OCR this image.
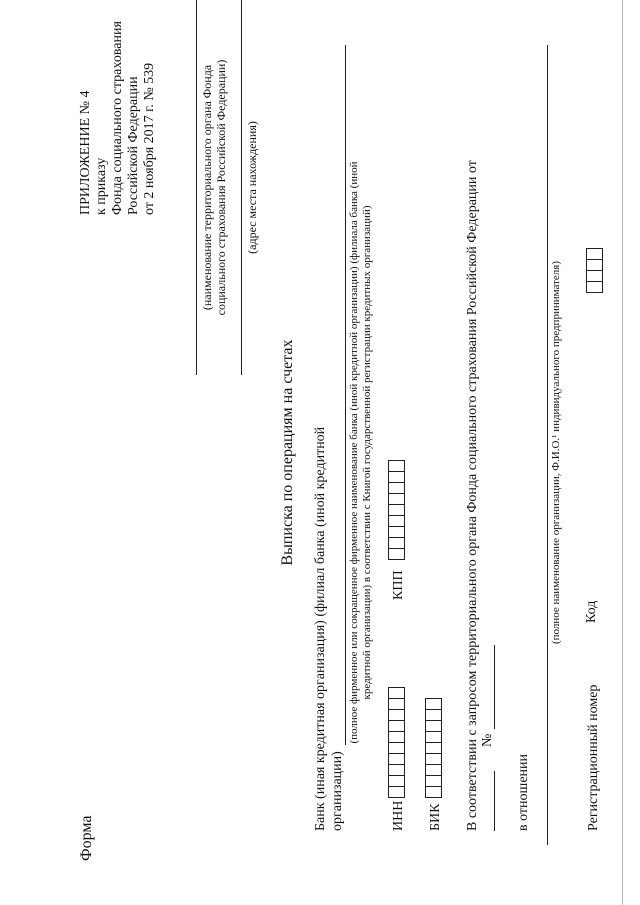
Форма
ПРИЛОЖЕНИЕ № 4 к приказу Фонда социального страхования Российской Федерации от 2 ноября 2017 г. № 539	(наименование территориального органа Фонда социального страхования Российской Федерации) (адрес места нахождения)
Выписка по операциям на счетах Банк (иная кредитная организация) (филиал банка (иной кредитной организации)
(полное фирменное или сокращенное фирменное наименование банка (иной кредитной организации) (филиала банка (иной кредитной организации) в соответствии с Книгой государственной регистрации кредитных организаций)
ИНН
КПП
БИК В соответствии с запросом территориального органа Фонда социального страхования Российской Федерации от №
в отношении
(полное наименование организации, Ф.И.О.¹ индивидуального предпринимателя)
Регистрационный номер
Код
